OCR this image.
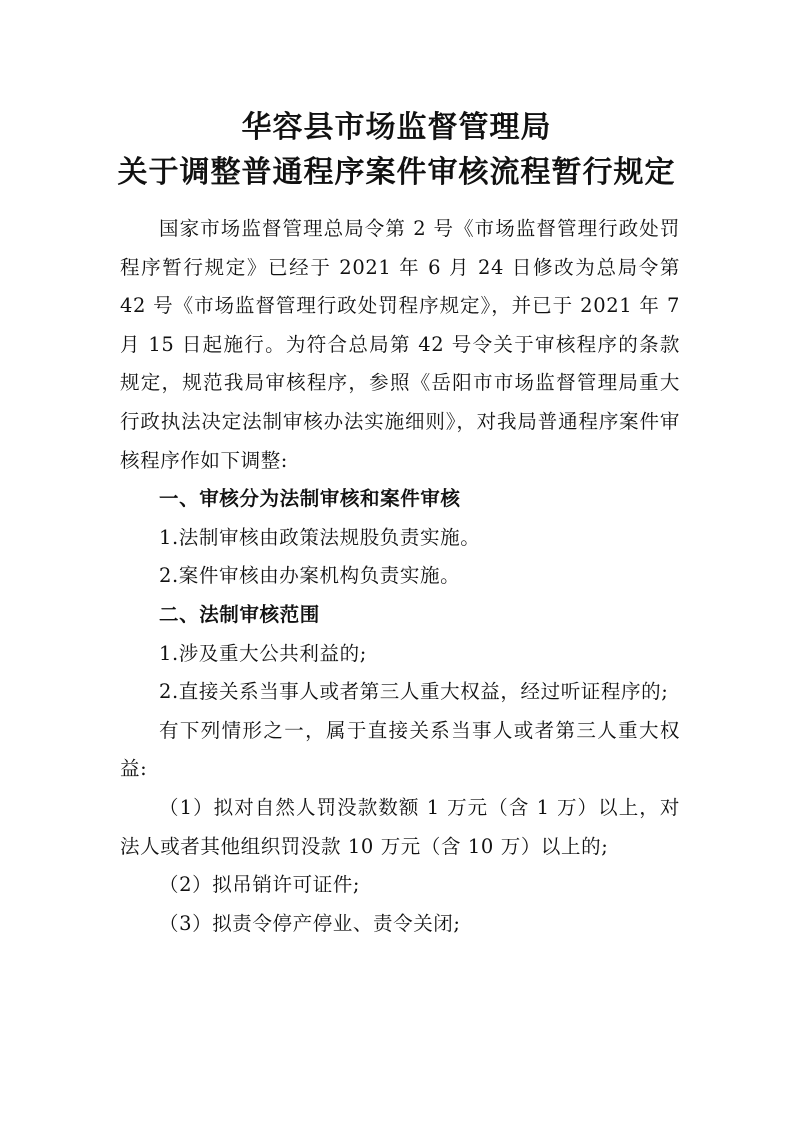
华容县市场监督管理局
关于调整普通程序案件审核流程暂行规定

国家市场监督管理总局令第 2 号《市场监督管理行政处罚程序暂行规定》已经于 2021 年 6 月 24 日修改为总局令第 42 号《市场监督管理行政处罚程序规定》，并已于 2021 年 7 月 15 日起施行。为符合总局第 42 号令关于审核程序的条款规定，规范我局审核程序，参照《岳阳市市场监督管理局重大行政执法决定法制审核办法实施细则》，对我局普通程序案件审核程序作如下调整:

一、审核分为法制审核和案件审核

1.法制审核由政策法规股负责实施。

2.案件审核由办案机构负责实施。

二、法制审核范围

1.涉及重大公共利益的;

2.直接关系当事人或者第三人重大权益，经过听证程序的;

有下列情形之一，属于直接关系当事人或者第三人重大权益:

（1）拟对自然人罚没款数额 1 万元（含 1 万）以上，对法人或者其他组织罚没款 10 万元（含 10 万）以上的;

（2）拟吊销许可证件;

（3）拟责令停产停业、责令关闭;
